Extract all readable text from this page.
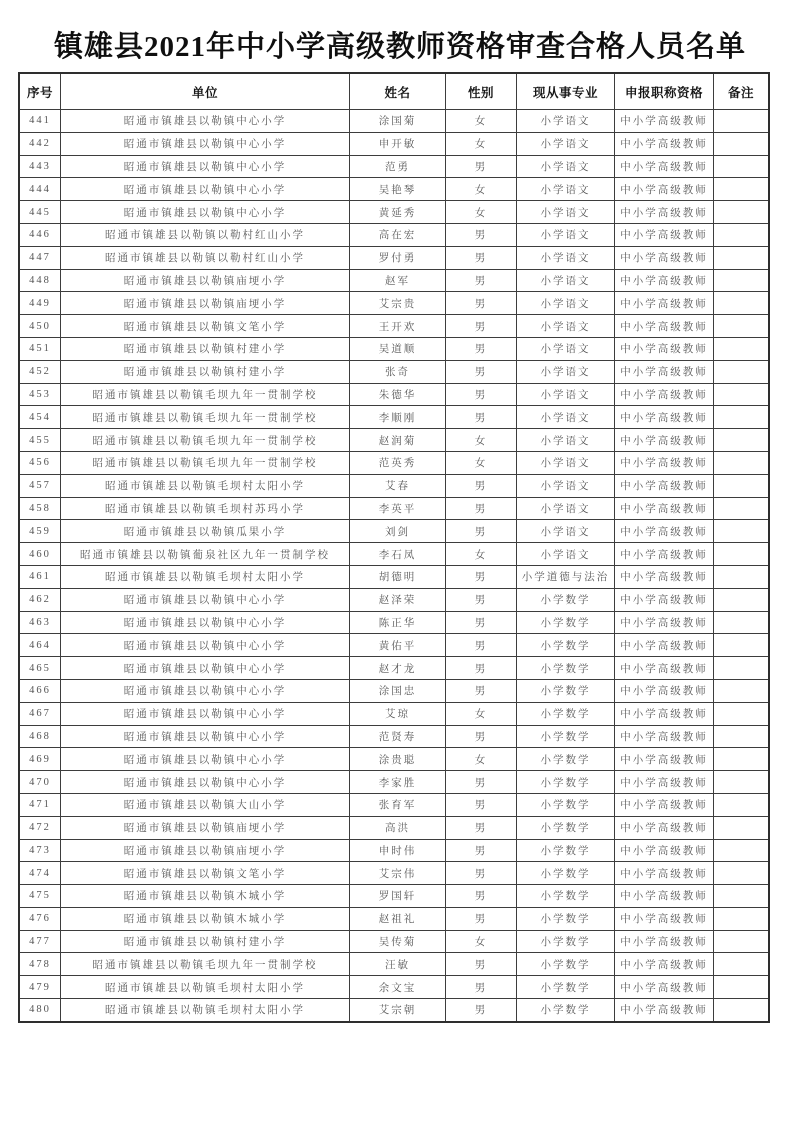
镇雄县2021年中小学高级教师资格审查合格人员名单
序号	单位	姓名	性别	现从事专业	申报职称资格	备注
441	昭通市镇雄县以勒镇中心小学	涂国菊	女	小学语文	中小学高级教师	
442	昭通市镇雄县以勒镇中心小学	申开敏	女	小学语文	中小学高级教师	
443	昭通市镇雄县以勒镇中心小学	范勇	男	小学语文	中小学高级教师	
444	昭通市镇雄县以勒镇中心小学	吴艳琴	女	小学语文	中小学高级教师	
445	昭通市镇雄县以勒镇中心小学	黄延秀	女	小学语文	中小学高级教师	
446	昭通市镇雄县以勒镇以勒村红山小学	高在宏	男	小学语文	中小学高级教师	
447	昭通市镇雄县以勒镇以勒村红山小学	罗付勇	男	小学语文	中小学高级教师	
448	昭通市镇雄县以勒镇庙埂小学	赵军	男	小学语文	中小学高级教师	
449	昭通市镇雄县以勒镇庙埂小学	艾宗贵	男	小学语文	中小学高级教师	
450	昭通市镇雄县以勒镇文笔小学	王开欢	男	小学语文	中小学高级教师	
451	昭通市镇雄县以勒镇村建小学	吴道顺	男	小学语文	中小学高级教师	
452	昭通市镇雄县以勒镇村建小学	张奇	男	小学语文	中小学高级教师	
453	昭通市镇雄县以勒镇毛坝九年一贯制学校	朱德华	男	小学语文	中小学高级教师	
454	昭通市镇雄县以勒镇毛坝九年一贯制学校	李顺刚	男	小学语文	中小学高级教师	
455	昭通市镇雄县以勒镇毛坝九年一贯制学校	赵润菊	女	小学语文	中小学高级教师	
456	昭通市镇雄县以勒镇毛坝九年一贯制学校	范英秀	女	小学语文	中小学高级教师	
457	昭通市镇雄县以勒镇毛坝村太阳小学	艾春	男	小学语文	中小学高级教师	
458	昭通市镇雄县以勒镇毛坝村苏玛小学	李英平	男	小学语文	中小学高级教师	
459	昭通市镇雄县以勒镇瓜果小学	刘剑	男	小学语文	中小学高级教师	
460	昭通市镇雄县以勒镇葡泉社区九年一贯制学校	李石凤	女	小学语文	中小学高级教师	
461	昭通市镇雄县以勒镇毛坝村太阳小学	胡德明	男	小学道德与法治	中小学高级教师	
462	昭通市镇雄县以勒镇中心小学	赵泽荣	男	小学数学	中小学高级教师	
463	昭通市镇雄县以勒镇中心小学	陈正华	男	小学数学	中小学高级教师	
464	昭通市镇雄县以勒镇中心小学	黄佑平	男	小学数学	中小学高级教师	
465	昭通市镇雄县以勒镇中心小学	赵才龙	男	小学数学	中小学高级教师	
466	昭通市镇雄县以勒镇中心小学	涂国忠	男	小学数学	中小学高级教师	
467	昭通市镇雄县以勒镇中心小学	艾琼	女	小学数学	中小学高级教师	
468	昭通市镇雄县以勒镇中心小学	范贤寿	男	小学数学	中小学高级教师	
469	昭通市镇雄县以勒镇中心小学	涂贵聪	女	小学数学	中小学高级教师	
470	昭通市镇雄县以勒镇中心小学	李家胜	男	小学数学	中小学高级教师	
471	昭通市镇雄县以勒镇大山小学	张育军	男	小学数学	中小学高级教师	
472	昭通市镇雄县以勒镇庙埂小学	高洪	男	小学数学	中小学高级教师	
473	昭通市镇雄县以勒镇庙埂小学	申时伟	男	小学数学	中小学高级教师	
474	昭通市镇雄县以勒镇文笔小学	艾宗伟	男	小学数学	中小学高级教师	
475	昭通市镇雄县以勒镇木城小学	罗国轩	男	小学数学	中小学高级教师	
476	昭通市镇雄县以勒镇木城小学	赵祖礼	男	小学数学	中小学高级教师	
477	昭通市镇雄县以勒镇村建小学	吴传菊	女	小学数学	中小学高级教师	
478	昭通市镇雄县以勒镇毛坝九年一贯制学校	汪敏	男	小学数学	中小学高级教师	
479	昭通市镇雄县以勒镇毛坝村太阳小学	余文宝	男	小学数学	中小学高级教师	
480	昭通市镇雄县以勒镇毛坝村太阳小学	艾宗朝	男	小学数学	中小学高级教师	
